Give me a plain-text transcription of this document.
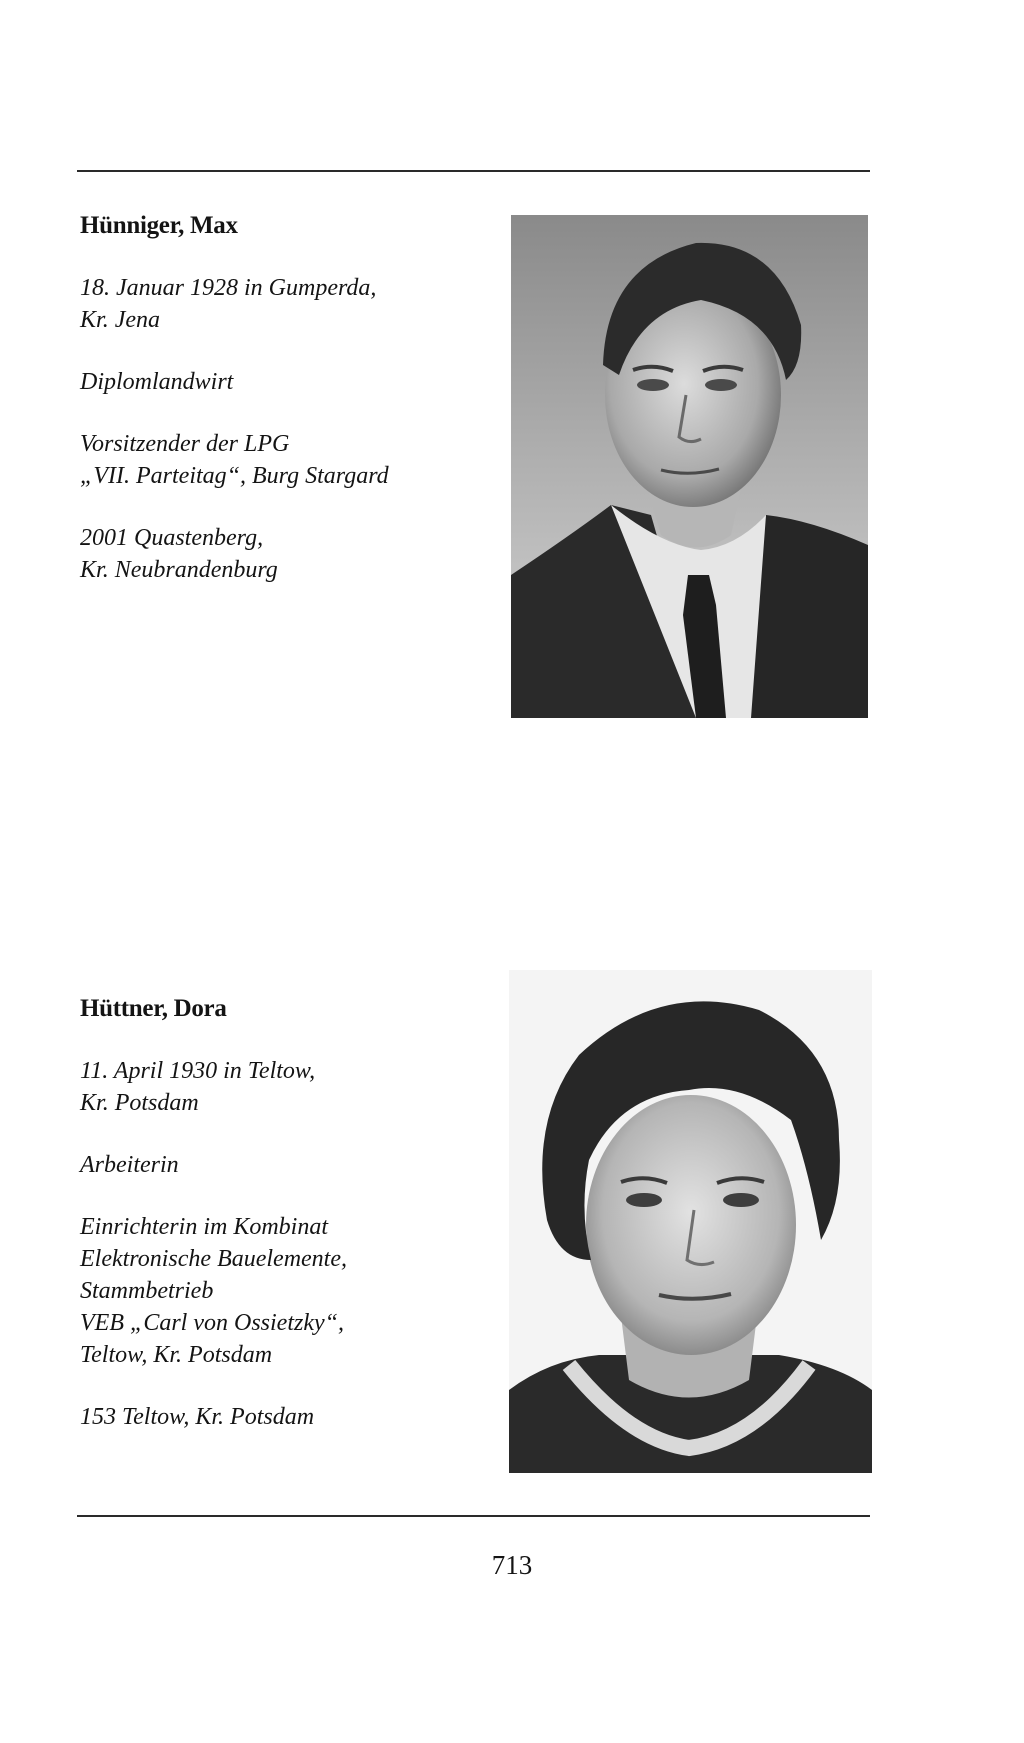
Hünniger, Max
18. Januar 1928 in Gumperda,
Kr. Jena
Diplomlandwirt
Vorsitzender der LPG
„VII. Parteitag“, Burg Stargard
2001 Quastenberg,
Kr. Neubrandenburg
Hüttner, Dora
11. April 1930 in Teltow,
Kr. Potsdam
Arbeiterin
Einrichterin im Kombinat
Elektronische Bauelemente,
Stammbetrieb
VEB „Carl von Ossietzky“,
Teltow, Kr. Potsdam
153 Teltow, Kr. Potsdam
713
